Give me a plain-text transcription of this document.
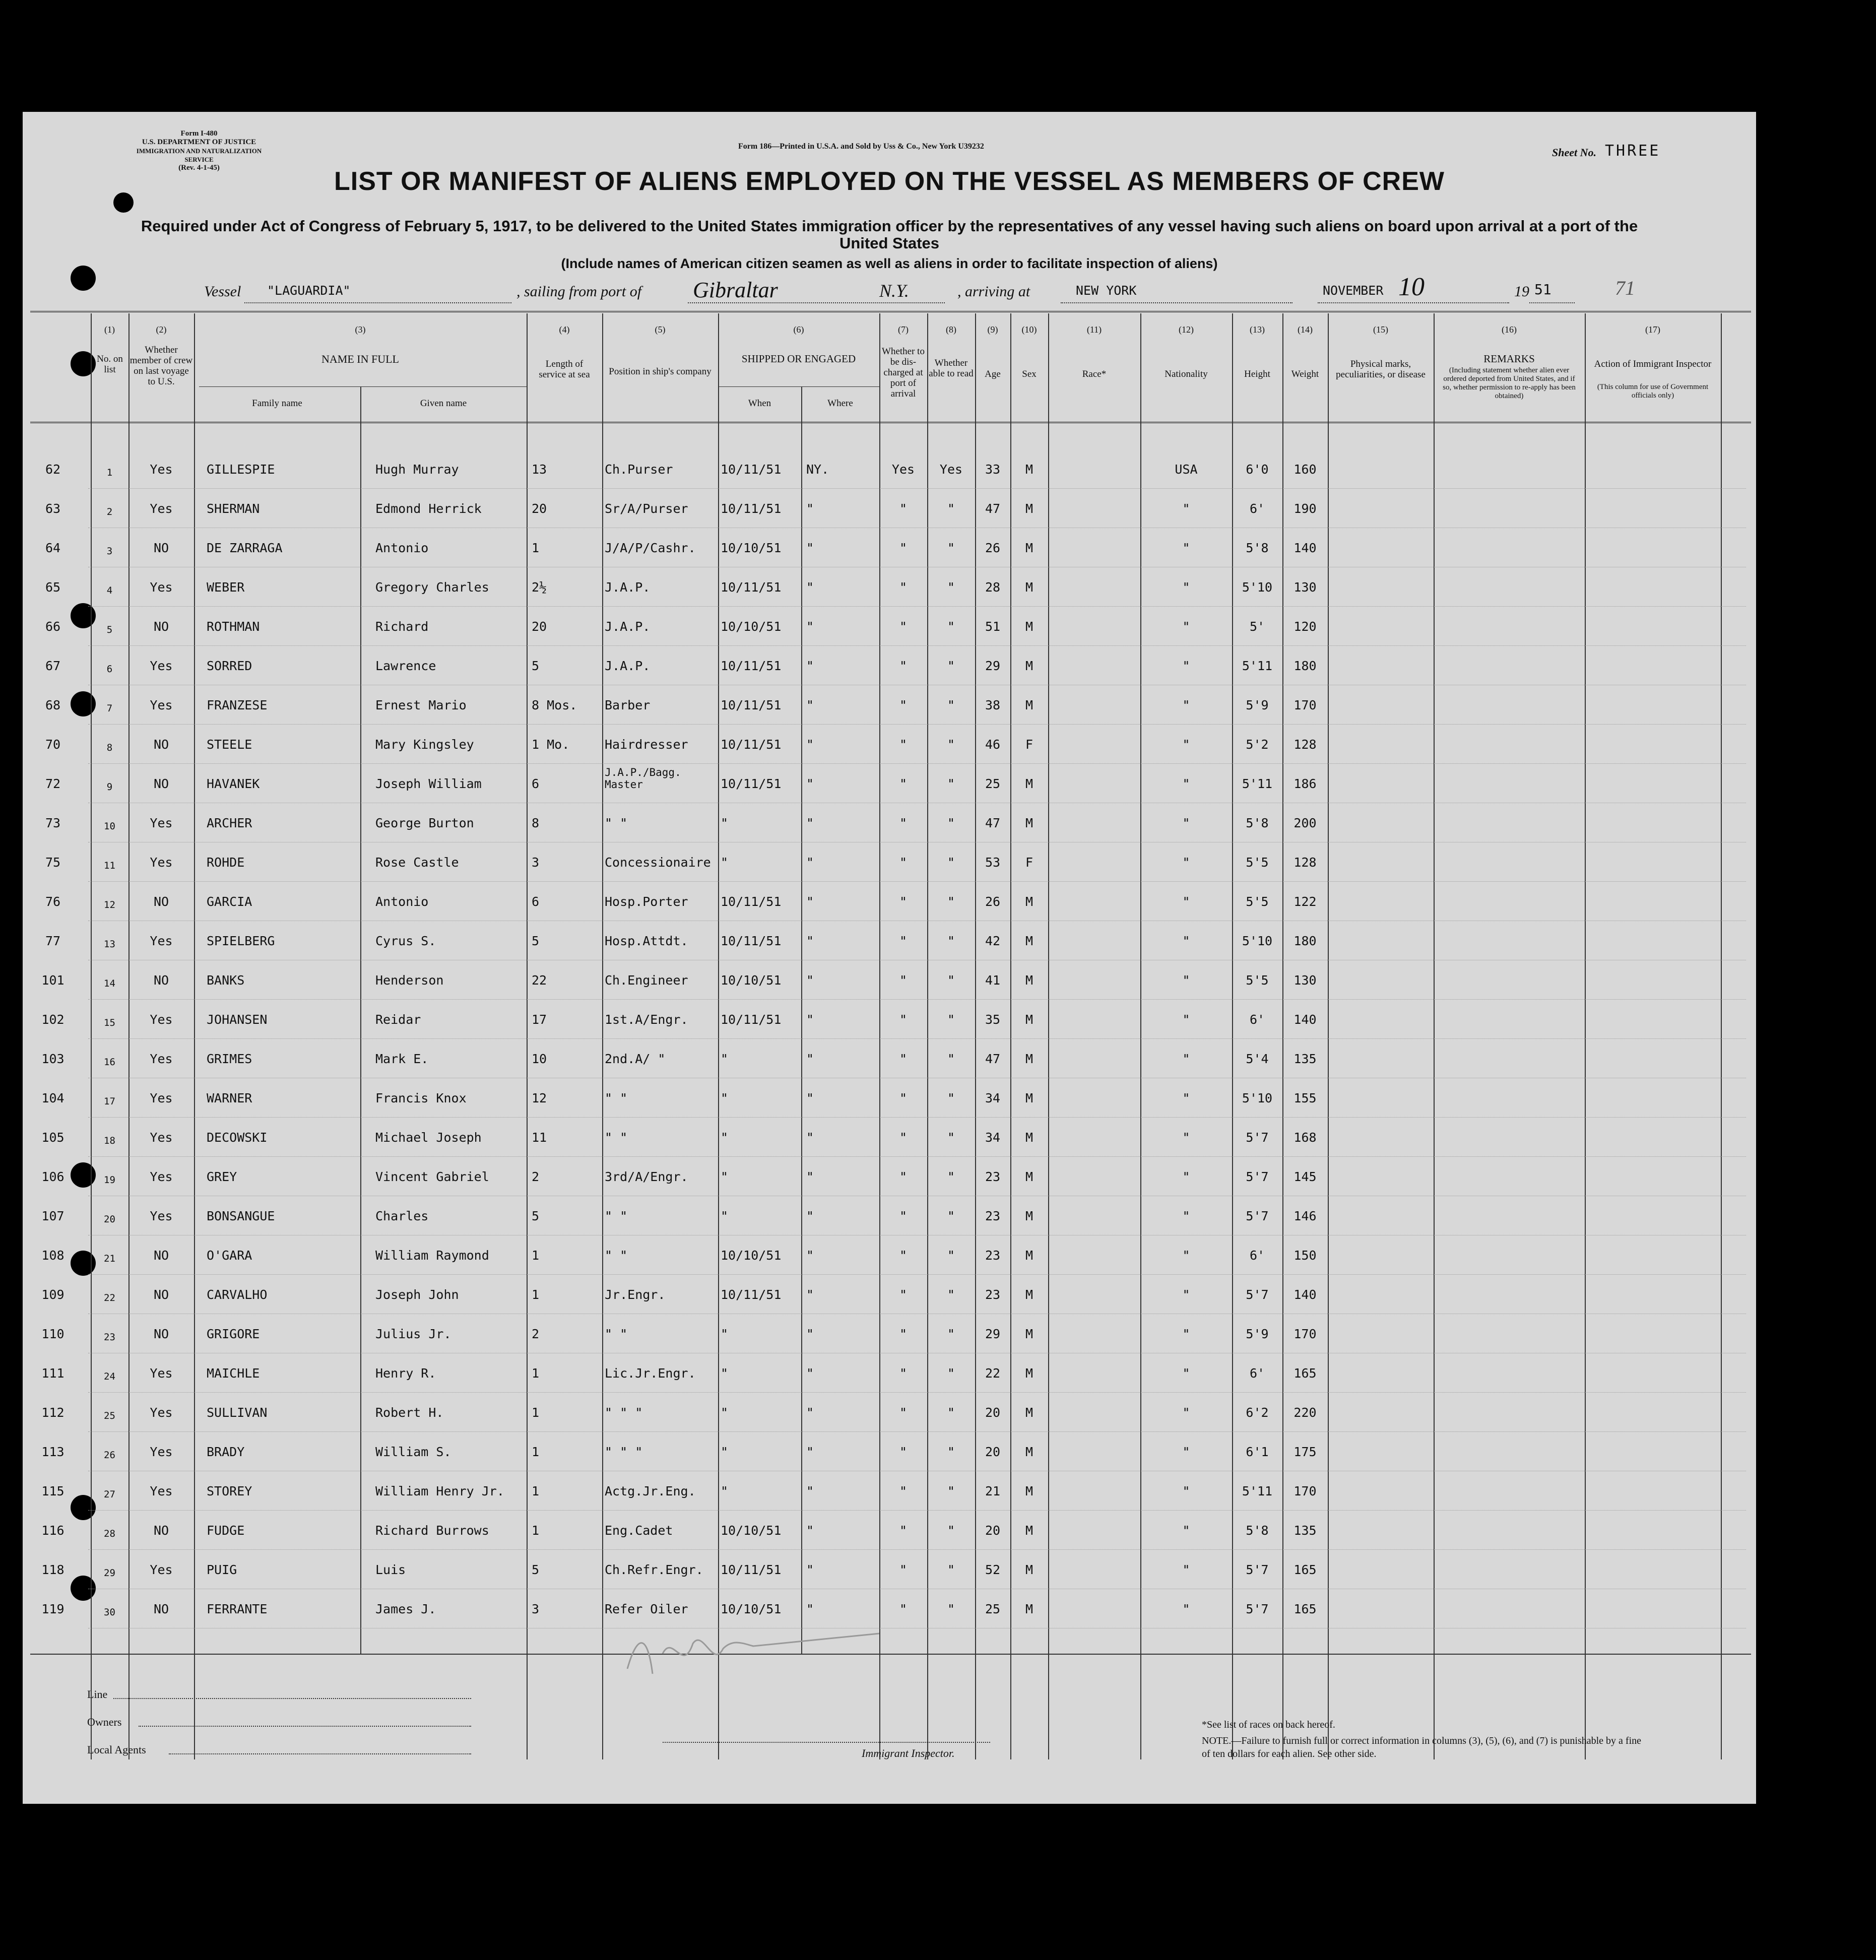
Form I-480
U.S. DEPARTMENT OF JUSTICE
IMMIGRATION AND NATURALIZATION SERVICE
(Rev. 4-1-45)
Form 186—Printed in U.S.A. and Sold by Uss & Co., New York U39232	Sheet No. THREE
LIST OR MANIFEST OF ALIENS EMPLOYED ON THE VESSEL AS MEMBERS OF CREW
Required under Act of Congress of February 5, 1917, to be delivered to the United States immigration officer by the representatives of any vessel having such aliens on board upon arrival at a port of the United States
(Include names of American citizen seamen as well as aliens in order to facilitate inspection of aliens)
Vessel "LAGUARDIA"	, sailing from port of Gibraltar	N.Y.	, arriving at	NEW YORK	NOVEMBER 10	19 51	71
(1)	(2)	(3)	(4)	(5)	(6)	(7)	(8)	(9)	(10)	(11)	(12)	(13)	(14)	(15)	(16)	(17)
No. on list
Whether member of crew on last voyage to U.S.
NAME IN FULL
Family name	Given name
Length of service at sea	Position in ship's company
SHIPPED OR ENGAGED
When	Where
Whether to be dis-charged at port of arrival
Whether able to read	Age	Sex	Race*	Nationality	Height	Weight
Physical marks, peculiarities, or disease
REMARKS
(Including statement whether alien ever ordered deported from United States, and if so, whether permission to re-apply has been obtained)
Action of Immigrant Inspector
(This column for use of Government officials only)
62	1	Yes	GILLESPIE	Hugh Murray	13	Ch.Purser	10/11/51	NY.	Yes	Yes	33	M	USA	6'0	160
63	2	Yes	SHERMAN	Edmond Herrick	20	Sr/A/Purser	10/11/51	"	"	"	47	M	"	6'	190
64	3	NO	DE ZARRAGA	Antonio	1	J/A/P/Cashr.	10/10/51	"	"	"	26	M	"	5'8	140
65	4	Yes	WEBER	Gregory Charles	2½	J.A.P.	10/11/51	"	"	"	28	M	"	5'10	130
66	5	NO	ROTHMAN	Richard	20	J.A.P.	10/10/51	"	"	"	51	M	"	5'	120
67	6	Yes	SORRED	Lawrence	5	J.A.P.	10/11/51	"	"	"	29	M	"	5'11	180
68	7	Yes	FRANZESE	Ernest Mario	8 Mos.	Barber	10/11/51	"	"	"	38	M	"	5'9	170
70	8	NO	STEELE	Mary Kingsley	1 Mo.	Hairdresser	10/11/51	"	"	"	46	F	"	5'2	128
72	9	NO	HAVANEK	Joseph William	6
J.A.P./Bagg. Master	10/11/51	"	"	"	25	M	"	5'11	186
73	10	Yes	ARCHER	George Burton	8	" "	"	"	"	"	47	M	"	5'8	200
75	11	Yes	ROHDE	Rose Castle	3	Concessionaire "	"	"	"	53	F	"	5'5	128
76	12	NO	GARCIA	Antonio	6	Hosp.Porter	10/11/51	"	"	"	26	M	"	5'5	122
77	13	Yes	SPIELBERG	Cyrus S.	5	Hosp.Attdt.	10/11/51	"	"	"	42	M	"	5'10	180
101	14	NO	BANKS	Henderson	22	Ch.Engineer	10/10/51	"	"	"	41	M	"	5'5	130
102	15	Yes	JOHANSEN	Reidar	17	1st.A/Engr.	10/11/51	"	"	"	35	M	"	6'	140
103	16	Yes	GRIMES	Mark E.	10	2nd.A/ "	"	"	"	"	47	M	"	5'4	135
104	17	Yes	WARNER	Francis Knox	12	" "	"	"	"	"	34	M	"	5'10	155
105	18	Yes	DECOWSKI	Michael Joseph	11	" "	"	"	"	"	34	M	"	5'7	168
106	19	Yes	GREY	Vincent Gabriel	2	3rd/A/Engr.	"	"	"	"	23	M	"	5'7	145
107	20	Yes	BONSANGUE	Charles	5	" "	"	"	"	"	23	M	"	5'7	146
108	21	NO	O'GARA	William Raymond	1	" "	10/10/51	"	"	"	23	M	"	6'	150
109	22	NO	CARVALHO	Joseph John	1	Jr.Engr.	10/11/51	"	"	"	23	M	"	5'7	140
110	23	NO	GRIGORE	Julius Jr.	2	" "	"	"	"	"	29	M	"	5'9	170
111	24	Yes	MAICHLE	Henry R.	1	Lic.Jr.Engr.	"	"	"	"	22	M	"	6'	165
112	25	Yes	SULLIVAN	Robert H.	1	" " "	"	"	"	"	20	M	"	6'2	220
113	26	Yes	BRADY	William S.	1	" " "	"	"	"	"	20	M	"	6'1	175
115	27	Yes	STOREY	William Henry Jr.	1	Actg.Jr.Eng.	"	"	"	"	21	M	"	5'11	170
116	28	NO	FUDGE	Richard Burrows	1	Eng.Cadet	10/10/51	"	"	"	20	M	"	5'8	135
118	29	Yes	PUIG	Luis	5	Ch.Refr.Engr.	10/11/51	"	"	"	52	M	"	5'7	165
119	30	NO	FERRANTE	James J.	3	Refer Oiler	10/10/51	"	"	"	25	M	"	5'7	165
Line
Owners
Local Agents	Immigrant Inspector.
*See list of races on back hereof.
NOTE.—Failure to furnish full or correct information in columns (3), (5), (6), and (7) is punishable by a fine of ten dollars for each alien. See other side.
